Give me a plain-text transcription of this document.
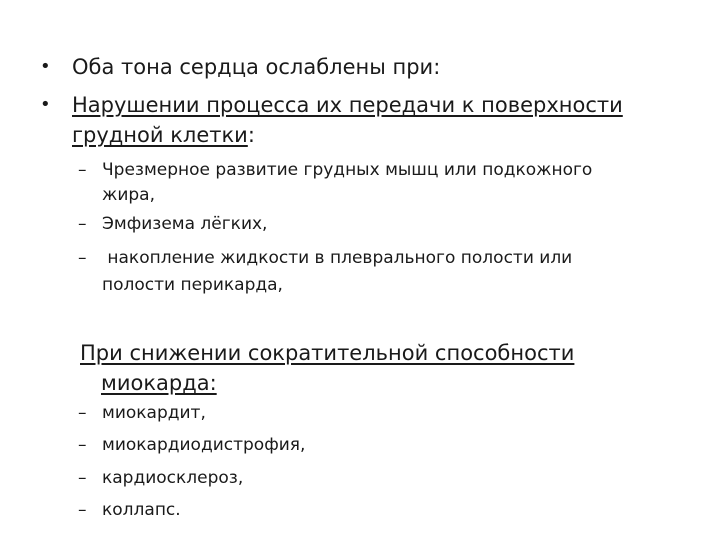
• Оба тона сердца ослаблены при:
• Нарушении процесса их передачи к поверхности
грудной клетки:
– Чрезмерное развитие грудных мышц или подкожного
жира,
– Эмфизема лёгких,
– накопление жидкости в плеврального полости или
полости перикарда,
При снижении сократительной способности
миокарда:
– миокардит,
– миокардиодистрофия,
– кардиосклероз,
– коллапс.
